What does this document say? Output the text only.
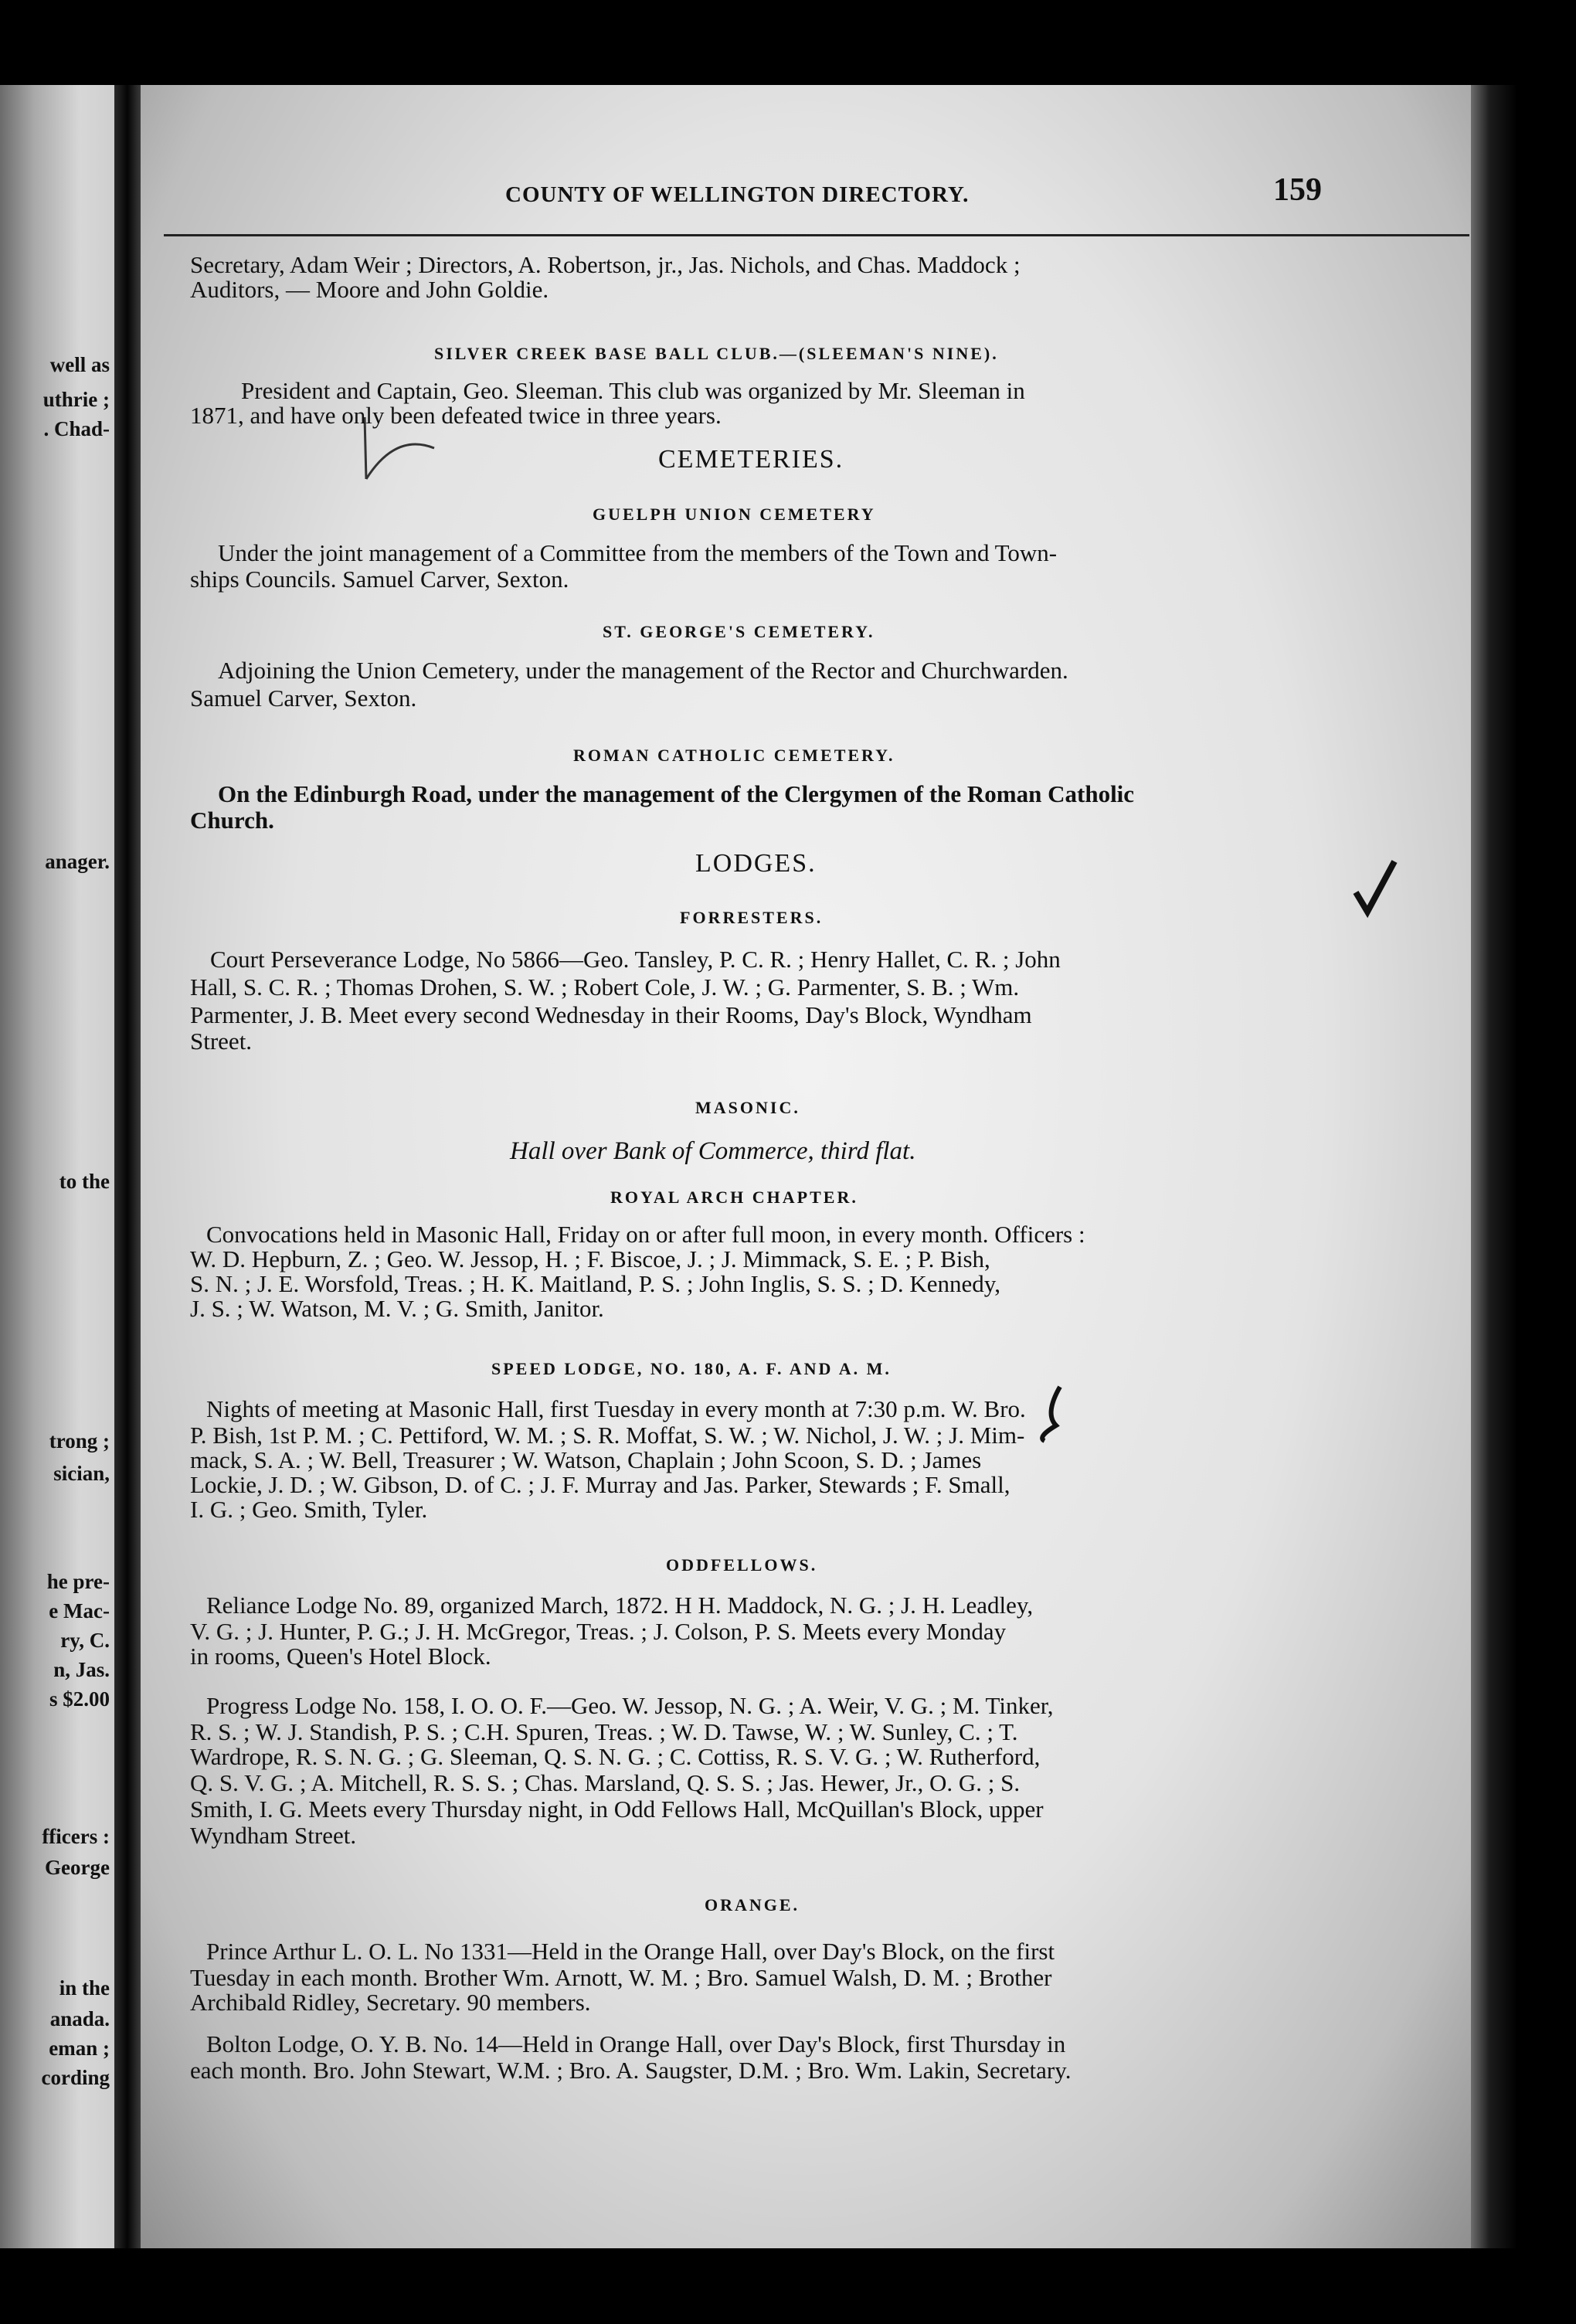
well as
uthrie ;
. Chad-
anager.
to the
trong ;
sician,
he pre-
e Mac-
ry, C.
n, Jas.
s $2.00
fficers :
George
in the
anada.
eman ;
cording
COUNTY OF WELLINGTON DIRECTORY.	159
Secretary, Adam Weir ; Directors, A. Robertson, jr., Jas. Nichols, and Chas. Maddock ;
Auditors, — Moore and John Goldie.
SILVER CREEK BASE BALL CLUB.—(SLEEMAN'S NINE).
President and Captain, Geo. Sleeman. This club was organized by Mr. Sleeman in
1871, and have only been defeated twice in three years.
CEMETERIES.
GUELPH UNION CEMETERY
Under the joint management of a Committee from the members of the Town and Town-
ships Councils. Samuel Carver, Sexton.
ST. GEORGE'S CEMETERY.
Adjoining the Union Cemetery, under the management of the Rector and Churchwarden.
Samuel Carver, Sexton.
ROMAN CATHOLIC CEMETERY.
On the Edinburgh Road, under the management of the Clergymen of the Roman Catholic
Church.
LODGES.
FORRESTERS.
Court Perseverance Lodge, No 5866—Geo. Tansley, P. C. R. ; Henry Hallet, C. R. ; John
Hall, S. C. R. ; Thomas Drohen, S. W. ; Robert Cole, J. W. ; G. Parmenter, S. B. ; Wm.
Parmenter, J. B. Meet every second Wednesday in their Rooms, Day's Block, Wyndham
Street.
MASONIC.
Hall over Bank of Commerce, third flat.
ROYAL ARCH CHAPTER.
Convocations held in Masonic Hall, Friday on or after full moon, in every month. Officers :
W. D. Hepburn, Z. ; Geo. W. Jessop, H. ; F. Biscoe, J. ; J. Mimmack, S. E. ; P. Bish,
S. N. ; J. E. Worsfold, Treas. ; H. K. Maitland, P. S. ; John Inglis, S. S. ; D. Kennedy,
J. S. ; W. Watson, M. V. ; G. Smith, Janitor.
SPEED LODGE, NO. 180, A. F. AND A. M.
Nights of meeting at Masonic Hall, first Tuesday in every month at 7:30 p.m. W. Bro.
P. Bish, 1st P. M. ; C. Pettiford, W. M. ; S. R. Moffat, S. W. ; W. Nichol, J. W. ; J. Mim-
mack, S. A. ; W. Bell, Treasurer ; W. Watson, Chaplain ; John Scoon, S. D. ; James
Lockie, J. D. ; W. Gibson, D. of C. ; J. F. Murray and Jas. Parker, Stewards ; F. Small,
I. G. ; Geo. Smith, Tyler.
ODDFELLOWS.
Reliance Lodge No. 89, organized March, 1872. H H. Maddock, N. G. ; J. H. Leadley,
V. G. ; J. Hunter, P. G.; J. H. McGregor, Treas. ; J. Colson, P. S. Meets every Monday
in rooms, Queen's Hotel Block.
Progress Lodge No. 158, I. O. O. F.—Geo. W. Jessop, N. G. ; A. Weir, V. G. ; M. Tinker,
R. S. ; W. J. Standish, P. S. ; C.H. Spuren, Treas. ; W. D. Tawse, W. ; W. Sunley, C. ; T.
Wardrope, R. S. N. G. ; G. Sleeman, Q. S. N. G. ; C. Cottiss, R. S. V. G. ; W. Rutherford,
Q. S. V. G. ; A. Mitchell, R. S. S. ; Chas. Marsland, Q. S. S. ; Jas. Hewer, Jr., O. G. ; S.
Smith, I. G. Meets every Thursday night, in Odd Fellows Hall, McQuillan's Block, upper
Wyndham Street.
ORANGE.
Prince Arthur L. O. L. No 1331—Held in the Orange Hall, over Day's Block, on the first
Tuesday in each month. Brother Wm. Arnott, W. M. ; Bro. Samuel Walsh, D. M. ; Brother
Archibald Ridley, Secretary. 90 members.
Bolton Lodge, O. Y. B. No. 14—Held in Orange Hall, over Day's Block, first Thursday in
each month. Bro. John Stewart, W.M. ; Bro. A. Saugster, D.M. ; Bro. Wm. Lakin, Secretary.
